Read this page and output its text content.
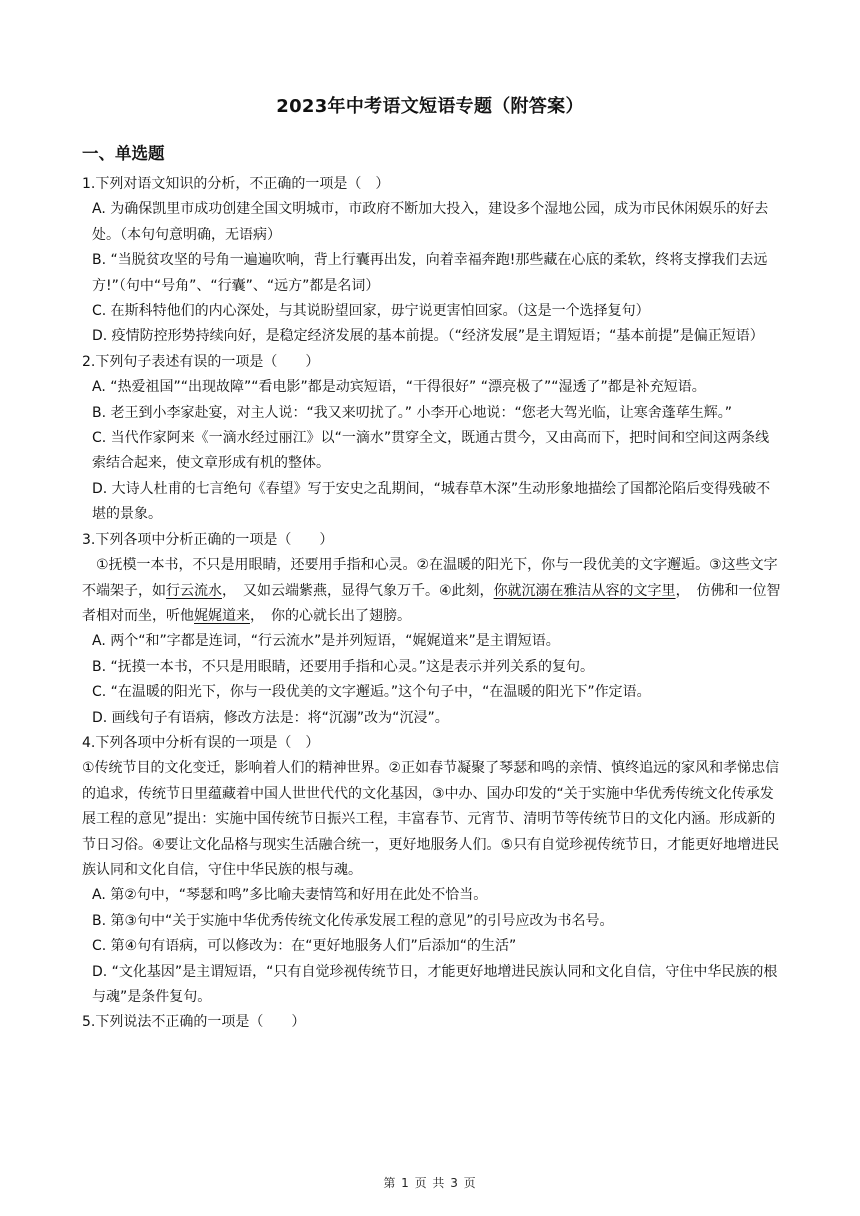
2023年中考语文短语专题（附答案）
一、单选题

1.下列对语文知识的分析，不正确的一项是（　）

A. 为确保凯里市成功创建全国文明城市，市政府不断加大投入，建设多个湿地公园，成为市民休闲娱乐的好去处。（本句句意明确，无语病）

B. “当脱贫攻坚的号角一遍遍吹响，背上行囊再出发，向着幸福奔跑!那些藏在心底的柔软，终将支撑我们去远方!”（句中“号角”、“行囊”、“远方”都是名词）

C. 在斯科特他们的内心深处，与其说盼望回家，毋宁说更害怕回家。（这是一个选择复句）

D. 疫情防控形势持续向好，是稳定经济发展的基本前提。（“经济发展”是主谓短语；“基本前提”是偏正短语）

2.下列句子表述有误的一项是（　　）

A. “热爱祖国”“出现故障”“看电影”都是动宾短语，“干得很好” “漂亮极了”“湿透了”都是补充短语。

B. 老王到小李家赴宴，对主人说：“我又来叨扰了。” 小李开心地说：“您老大驾光临，让寒舍蓬荜生辉。”

C. 当代作家阿来《一滴水经过丽江》以“一滴水”贯穿全文，既通古贯今，又由高而下，把时间和空间这两条线索结合起来，使文章形成有机的整体。

D. 大诗人杜甫的七言绝句《春望》写于安史之乱期间，“城春草木深”生动形象地描绘了国都沦陷后变得残破不堪的景象。

3.下列各项中分析正确的一项是（　　）

①抚模一本书，不只是用眼睛，还要用手指和心灵。②在温暖的阳光下，你与一段优美的文字邂逅。③这些文字不端架子，如行云流水，　又如云端紫燕，显得气象万千。④此刻，你就沉溺在雅洁从容的文字里，　仿佛和一位智者相对而坐，听他娓娓道来，　你的心就长出了翅膀。

A. 两个“和”字都是连词，“行云流水”是并列短语，“娓娓道来”是主谓短语。

B. “抚摸一本书，不只是用眼睛，还要用手指和心灵。”这是表示并列关系的复句。

C. “在温暖的阳光下，你与一段优美的文字邂逅。”这个句子中，“在温暖的阳光下”作定语。

D. 画线句子有语病，修改方法是：将“沉溺”改为“沉浸”。

4.下列各项中分析有误的一项是（　）

①传统节目的文化变迁，影响着人们的精神世界。②正如春节凝聚了琴瑟和鸣的亲情、慎终追远的家风和孝悌忠信的追求，传统节日里蕴藏着中国人世世代代的文化基因，③中办、国办印发的“关于实施中华优秀传统文化传承发展工程的意见”提出：实施中国传统节日振兴工程，丰富春节、元宵节、清明节等传统节日的文化内涵。形成新的节日习俗。④要让文化品格与现实生活融合统一，更好地服务人们。⑤只有自觉珍视传统节日，才能更好地增进民族认同和文化自信，守住中华民族的根与魂。

A. 第②句中，“琴瑟和鸣”多比喻夫妻情笃和好用在此处不恰当。

B. 第③句中“关于实施中华优秀传统文化传承发展工程的意见”的引号应改为书名号。

C. 第④句有语病，可以修改为：在“更好地服务人们”后添加“的生活”

D. “文化基因”是主谓短语，“只有自觉珍视传统节日，才能更好地增进民族认同和文化自信，守住中华民族的根与魂”是条件复句。

5.下列说法不正确的一项是（　　）

第 1 页 共 3 页
